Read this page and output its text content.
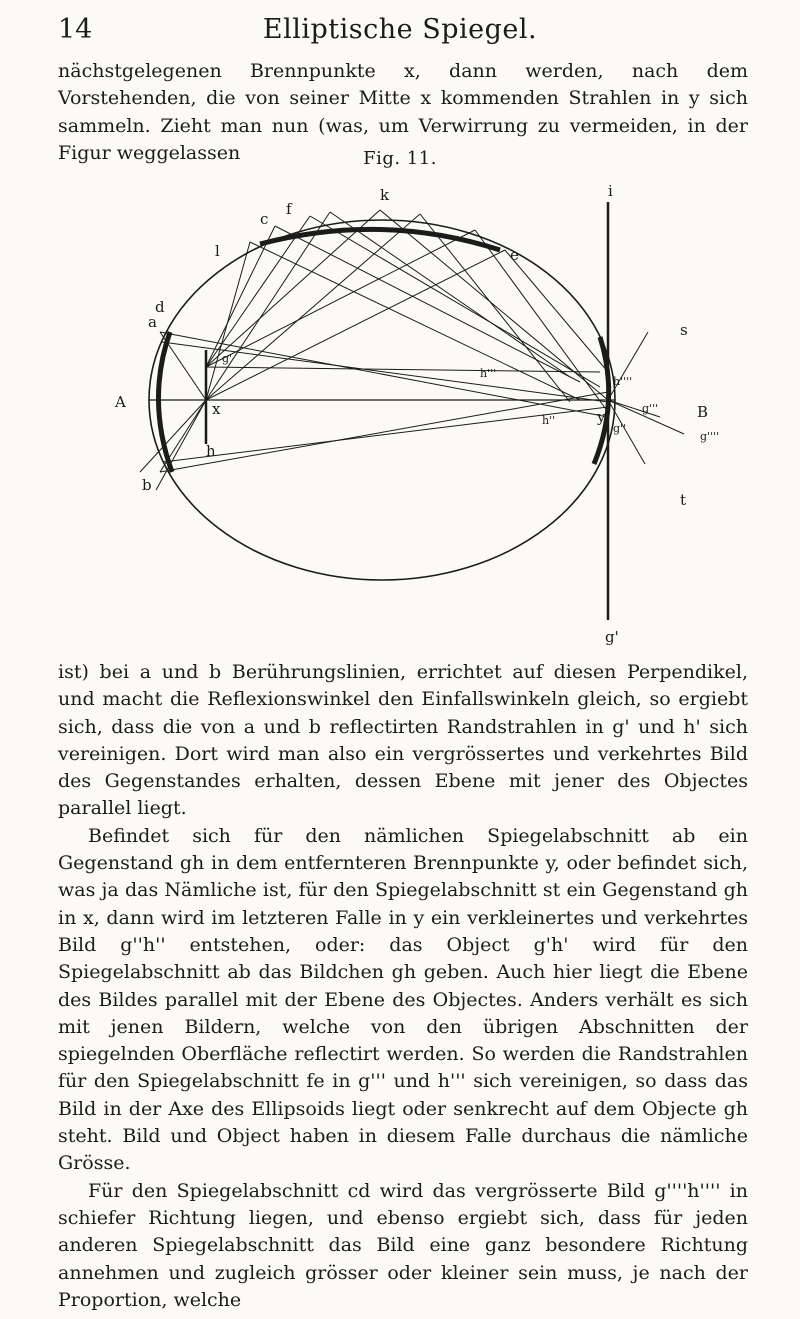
14	Elliptische Spiegel.

nächstgelegenen Brennpunkte x, dann werden, nach dem Vorstehenden, die von seiner Mitte x kommenden Strahlen in y sich sammeln. Zieht man nun (was, um Verwirrung zu vermeiden, in der Figur weggelassen	Fig. 11.
k	i
f
c
e
l
d
a
A
B
b
g'
x
h
s
t
y
h'''
h''
h''''
g''
g'''
g''''
g'

ist) bei a und b Berührungslinien, errichtet auf diesen Perpendikel, und macht die Reflexionswinkel den Einfallswinkeln gleich, so ergiebt sich, dass die von a und b reflectirten Randstrahlen in g' und h' sich vereinigen. Dort wird man also ein vergrössertes und verkehrtes Bild des Gegenstandes erhalten, dessen Ebene mit jener des Objectes parallel liegt.

Befindet sich für den nämlichen Spiegelabschnitt ab ein Gegenstand gh in dem entfernteren Brennpunkte y, oder befindet sich, was ja das Nämliche ist, für den Spiegelabschnitt st ein Gegenstand gh in x, dann wird im letzteren Falle in y ein verkleinertes und verkehrtes Bild g''h'' entstehen, oder: das Object g'h' wird für den Spiegelabschnitt ab das Bildchen gh geben. Auch hier liegt die Ebene des Bildes parallel mit der Ebene des Objectes. Anders verhält es sich mit jenen Bildern, welche von den übrigen Abschnitten der spiegelnden Oberfläche reflectirt werden. So werden die Randstrahlen für den Spiegelabschnitt fe in g''' und h''' sich vereinigen, so dass das Bild in der Axe des Ellipsoids liegt oder senkrecht auf dem Objecte gh steht. Bild und Object haben in diesem Falle durchaus die nämliche Grösse.

Für den Spiegelabschnitt cd wird das vergrösserte Bild g''''h'''' in schiefer Richtung liegen, und ebenso ergiebt sich, dass für jeden anderen Spiegelabschnitt das Bild eine ganz besondere Richtung annehmen und zugleich grösser oder kleiner sein muss, je nach der Proportion, welche
